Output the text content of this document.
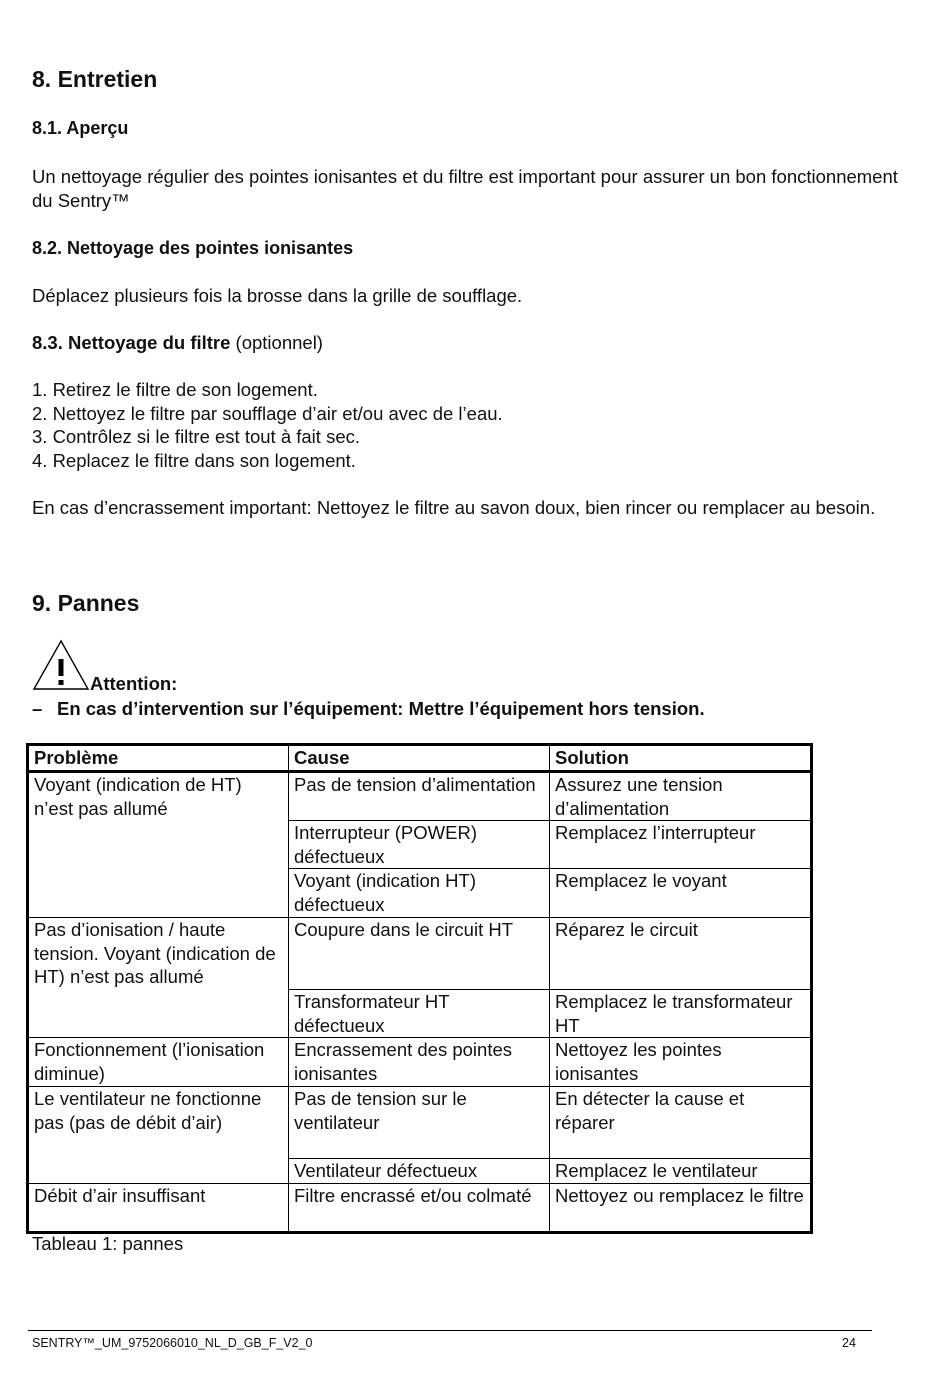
8. Entretien
8.1. Aperçu
Un nettoyage régulier des pointes ionisantes et du filtre est important pour assurer un bon fonctionnement du Sentry™
8.2. Nettoyage des pointes ionisantes
Déplacez plusieurs fois la brosse dans la grille de soufflage.
8.3. Nettoyage du filtre (optionnel)
1. Retirez le filtre de son logement.
2. Nettoyez le filtre par soufflage d’air et/ou avec de l’eau.
3. Contrôlez si le filtre est tout à fait sec.
4. Replacez le filtre dans son logement.
En cas d’encrassement important: Nettoyez le filtre au savon doux, bien rincer ou remplacer au besoin.
9. Pannes
Attention:
– En cas d’intervention sur l’équipement: Mettre l’équipement hors tension.
Problème	Cause	Solution
Voyant (indication de HT) n’est pas allumé	Pas de tension d’alimentation	Assurez une tension d’alimentation
	Interrupteur (POWER) défectueux	Remplacez l’interrupteur
	Voyant (indication HT) défectueux	Remplacez le voyant
Pas d’ionisation / haute tension. Voyant (indication de HT) n’est pas allumé	Coupure dans le circuit HT	Réparez le circuit
	Transformateur HT défectueux	Remplacez le transformateur HT
Fonctionnement (l’ionisation diminue)	Encrassement des pointes ionisantes	Nettoyez les pointes ionisantes
Le ventilateur ne fonctionne pas (pas de débit d’air)	Pas de tension sur le ventilateur	En détecter la cause et réparer
	Ventilateur défectueux	Remplacez le ventilateur
Débit d’air insuffisant	Filtre encrassé et/ou colmaté	Nettoyez ou remplacez le filtre
Tableau 1: pannes
SENTRY™_UM_9752066010_NL_D_GB_F_V2_0	24
